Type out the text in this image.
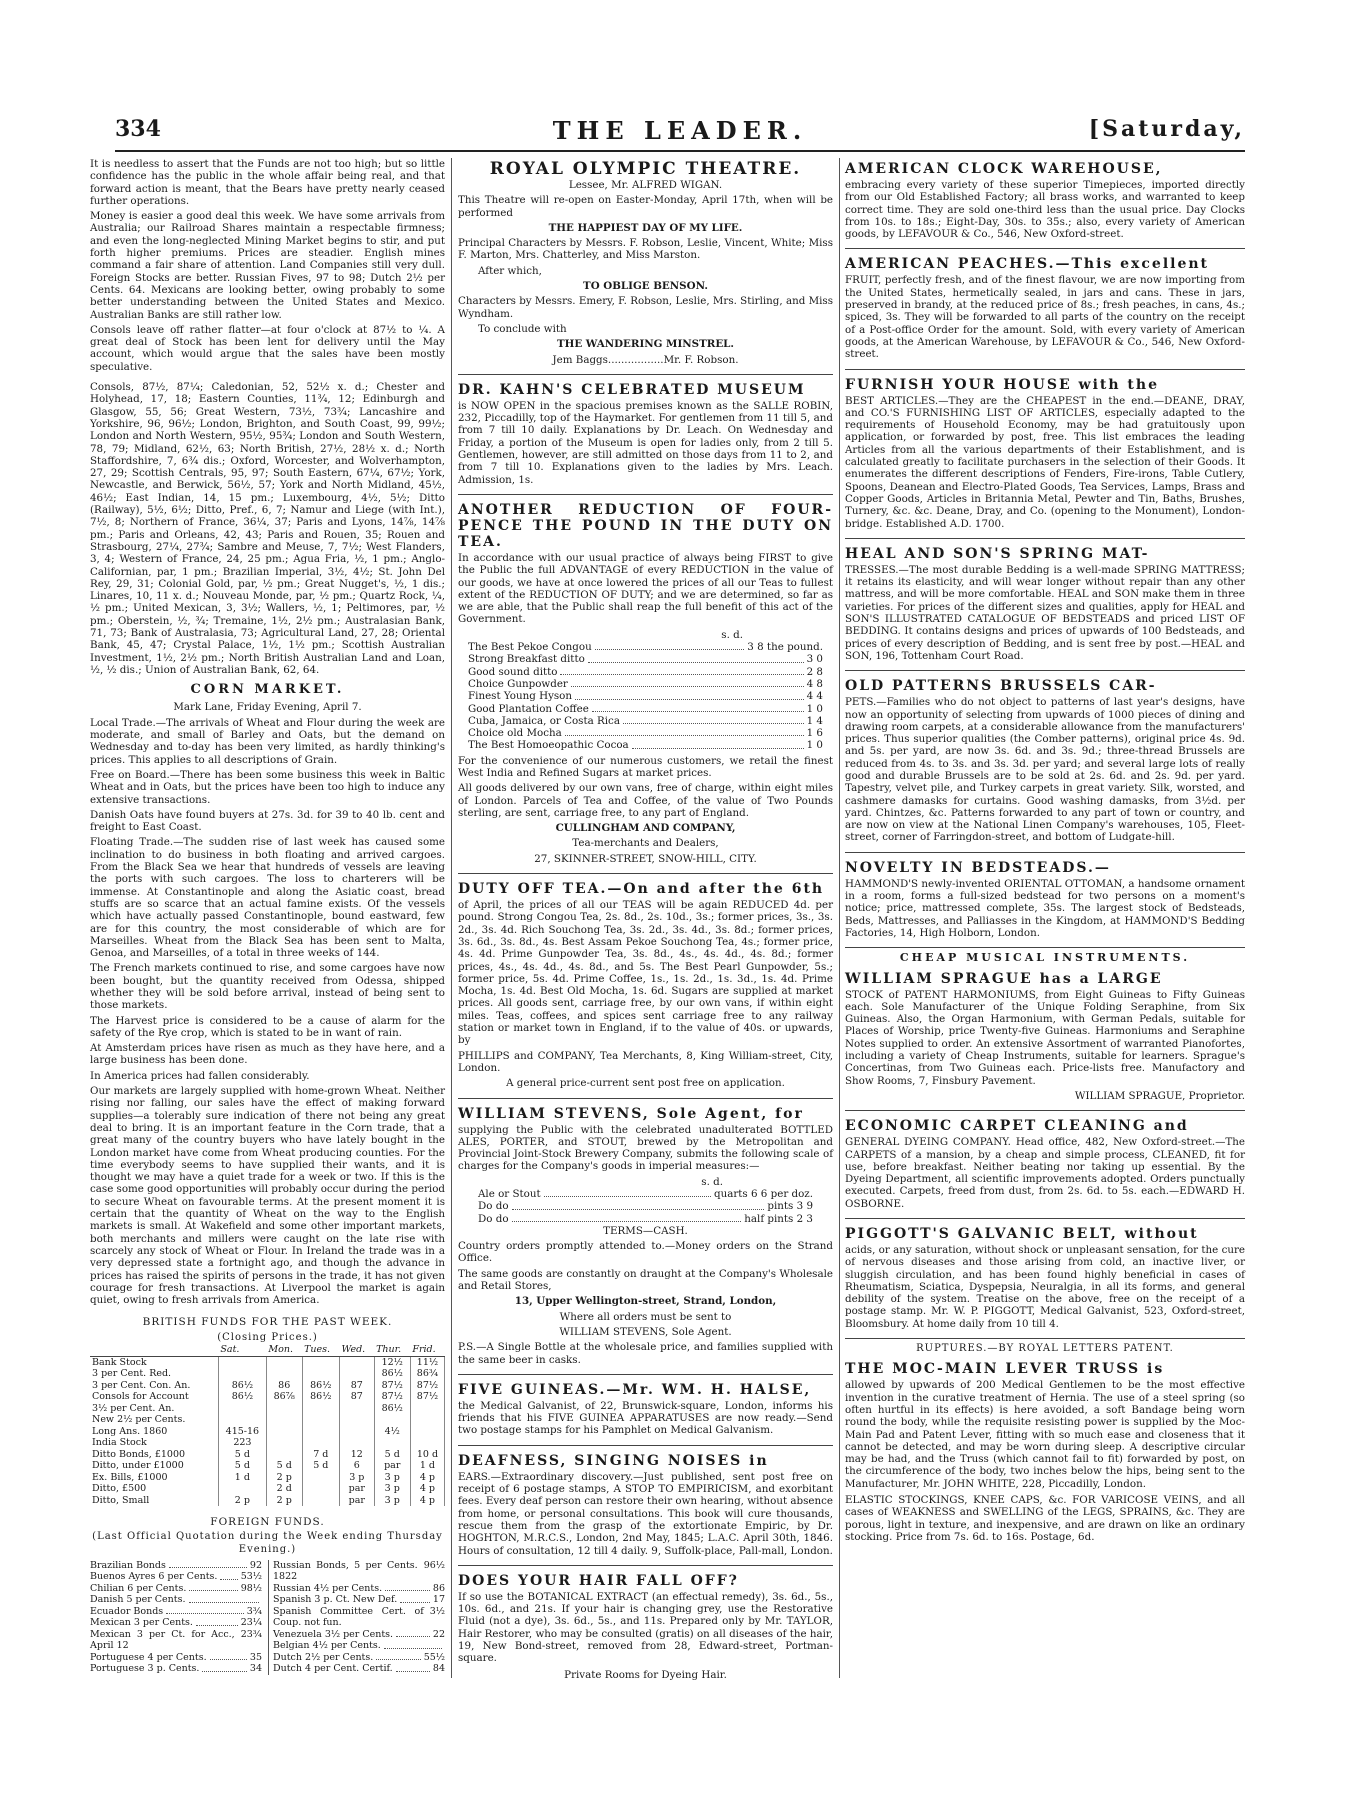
334	THE LEADER.	[Saturday,

It is needless to assert that the Funds are not too high; but so little confidence has the public in the whole affair being real, and that forward action is meant, that the Bears have pretty nearly ceased further operations.

Money is easier a good deal this week. We have some arrivals from Australia; our Railroad Shares maintain a respectable firmness; and even the long-neglected Mining Market begins to stir, and put forth higher premiums. Prices are steadier. English mines command a fair share of attention. Land Companies still very dull. Foreign Stocks are better. Russian Fives, 97 to 98; Dutch 2½ per Cents. 64. Mexicans are looking better, owing probably to some better understanding between the United States and Mexico. Australian Banks are still rather low.

Consols leave off rather flatter—at four o'clock at 87½ to ¼. A great deal of Stock has been lent for delivery until the May account, which would argue that the sales have been mostly speculative.

Consols, 87½, 87¼; Caledonian, 52, 52½ x. d.; Chester and Holyhead, 17, 18; Eastern Counties, 11¾, 12; Edinburgh and Glasgow, 55, 56; Great Western, 73½, 73¾; Lancashire and Yorkshire, 96, 96½; London, Brighton, and South Coast, 99, 99½; London and North Western, 95½, 95¾; London and South Western, 78, 79; Midland, 62½, 63; North British, 27½, 28½ x. d.; North Staffordshire, 7, 6¾ dis.; Oxford, Worcester, and Wolverhampton, 27, 29; Scottish Centrals, 95, 97; South Eastern, 67¼, 67½; York, Newcastle, and Berwick, 56½, 57; York and North Midland, 45½, 46½; East Indian, 14, 15 pm.; Luxembourg, 4½, 5½; Ditto (Railway), 5½, 6½; Ditto, Pref., 6, 7; Namur and Liege (with Int.), 7½, 8; Northern of France, 36¼, 37; Paris and Lyons, 14⅞, 14⅞ pm.; Paris and Orleans, 42, 43; Paris and Rouen, 35; Rouen and Strasbourg, 27¼, 27¾; Sambre and Meuse, 7, 7½; West Flanders, 3, 4; Western of France, 24, 25 pm.; Agua Fria, ½, 1 pm.; Anglo-Californian, par, 1 pm.; Brazilian Imperial, 3½, 4½; St. John Del Rey, 29, 31; Colonial Gold, par, ½ pm.; Great Nugget's, ½, 1 dis.; Linares, 10, 11 x. d.; Nouveau Monde, par, ½ pm.; Quartz Rock, ¼, ½ pm.; United Mexican, 3, 3½; Wallers, ½, 1; Peltimores, par, ½ pm.; Oberstein, ½, ¾; Tremaine, 1½, 2½ pm.; Australasian Bank, 71, 73; Bank of Australasia, 73; Agricultural Land, 27, 28; Oriental Bank, 45, 47; Crystal Palace, 1½, 1½ pm.; Scottish Australian Investment, 1½, 2½ pm.; North British Australian Land and Loan, ½, ½ dis.; Union of Australian Bank, 62, 64.

CORN MARKET.

Mark Lane, Friday Evening, April 7.

Local Trade.—The arrivals of Wheat and Flour during the week are moderate, and small of Barley and Oats, but the demand on Wednesday and to-day has been very limited, as hardly thinking's prices. This applies to all descriptions of Grain.

Free on Board.—There has been some business this week in Baltic Wheat and in Oats, but the prices have been too high to induce any extensive transactions.

Danish Oats have found buyers at 27s. 3d. for 39 to 40 lb. cent and freight to East Coast.

Floating Trade.—The sudden rise of last week has caused some inclination to do business in both floating and arrived cargoes. From the Black Sea we hear that hundreds of vessels are leaving the ports with such cargoes. The loss to charterers will be immense. At Constantinople and along the Asiatic coast, bread stuffs are so scarce that an actual famine exists. Of the vessels which have actually passed Constantinople, bound eastward, few are for this country, the most considerable of which are for Marseilles. Wheat from the Black Sea has been sent to Malta, Genoa, and Marseilles, of a total in three weeks of 144.

The French markets continued to rise, and some cargoes have now been bought, but the quantity received from Odessa, shipped whether they will be sold before arrival, instead of being sent to those markets.

The Harvest price is considered to be a cause of alarm for the safety of the Rye crop, which is stated to be in want of rain.

At Amsterdam prices have risen as much as they have here, and a large business has been done.

In America prices had fallen considerably.

Our markets are largely supplied with home-grown Wheat. Neither rising nor falling, our sales have the effect of making forward supplies—a tolerably sure indication of there not being any great deal to bring. It is an important feature in the Corn trade, that a great many of the country buyers who have lately bought in the London market have come from Wheat producing counties. For the time everybody seems to have supplied their wants, and it is thought we may have a quiet trade for a week or two. If this is the case some good opportunities will probably occur during the period to secure Wheat on favourable terms. At the present moment it is certain that the quantity of Wheat on the way to the English markets is small. At Wakefield and some other important markets, both merchants and millers were caught on the late rise with scarcely any stock of Wheat or Flour. In Ireland the trade was in a very depressed state a fortnight ago, and though the advance in prices has raised the spirits of persons in the trade, it has not given courage for fresh transactions. At Liverpool the market is again quiet, owing to fresh arrivals from America.

BRITISH FUNDS FOR THE PAST WEEK.
(Closing Prices.)
	Sat.	Mon.	Tues.	Wed.	Thur.	Frid.
Bank Stock					12½	11½
3 per Cent. Red.					86½	86¾
3 per Cent. Con. An.	86½	86	86½	87	87½	87½
Consols for Account	86½	86⅞	86½	87	87½	87½
3½ per Cent. An.					86½	
New 2½ per Cents.						
Long Ans. 1860	415-16				4½	
India Stock	223					
Ditto Bonds, £1000	5 d		7 d	12	5 d	10 d
Ditto, under £1000	5 d	5 d	5 d	6	par	1 d
Ex. Bills, £1000	1 d	2 p		3 p	3 p	4 p
Ditto, £500		2 d		par	3 p	4 p
Ditto, Small	2 p	2 p		par	3 p	4 p
FOREIGN FUNDS.
(Last Official Quotation during the Week ending Thursday Evening.)
Brazilian Bonds	92
Buenos Ayres 6 per Cents. 53½
Chilian 6 per Cents.	98½
Danish 5 per Cents.
Ecuador Bonds	3¾
Mexican 3 per Cents.	23¼
Mexican 3 per Ct. for Acc., April 12
23¾
Portuguese 4 per Cents.	35
Portuguese 3 p. Cents.	34
Russian Bonds, 5 per Cents. 1822
96½
Russian 4½ per Cents.	86
Spanish 3 p. Ct. New Def.	17
Spanish Committee Cert. of Coup. not fun.
3½
Venezuela 3½ per Cents.	22
Belgian 4½ per Cents.
Dutch 2½ per Cents.	55½
Dutch 4 per Cent. Certif.	84
ROYAL OLYMPIC THEATRE.

Lessee, Mr. ALFRED WIGAN.

This Theatre will re-open on Easter-Monday, April 17th, when will be performed

THE HAPPIEST DAY OF MY LIFE.

Principal Characters by Messrs. F. Robson, Leslie, Vincent, White; Miss F. Marton, Mrs. Chatterley, and Miss Marston.

After which,

TO OBLIGE BENSON.

Characters by Messrs. Emery, F. Robson, Leslie, Mrs. Stirling, and Miss Wyndham.

To conclude with

THE WANDERING MINSTREL.

Jem Baggs.................Mr. F. Robson.

DR. KAHN'S CELEBRATED MUSEUM

is NOW OPEN in the spacious premises known as the SALLE ROBIN, 232, Piccadilly, top of the Haymarket. For gentlemen from 11 till 5, and from 7 till 10 daily. Explanations by Dr. Leach. On Wednesday and Friday, a portion of the Museum is open for ladies only, from 2 till 5. Gentlemen, however, are still admitted on those days from 11 to 2, and from 7 till 10. Explanations given to the ladies by Mrs. Leach. Admission, 1s.

ANOTHER REDUCTION OF FOUR-PENCE THE POUND IN THE DUTY ON TEA.

In accordance with our usual practice of always being FIRST to give the Public the full ADVANTAGE of every REDUCTION in the value of our goods, we have at once lowered the prices of all our Teas to fullest extent of the REDUCTION OF DUTY; and we are determined, so far as we are able, that the Public shall reap the full benefit of this act of the Government.

s. d.
The Best Pekoe Congou	3 8 the pound.
Strong Breakfast ditto	3 0
Good sound ditto	2 8
Choice Gunpowder	4 8
Finest Young Hyson	4 4
Good Plantation Coffee	1 0
Cuba, Jamaica, or Costa Rica	1 4
Choice old Mocha	1 6
The Best Homoeopathic Cocoa	1 0

For the convenience of our numerous customers, we retail the finest West India and Refined Sugars at market prices.

All goods delivered by our own vans, free of charge, within eight miles of London. Parcels of Tea and Coffee, of the value of Two Pounds sterling, are sent, carriage free, to any part of England.

CULLINGHAM AND COMPANY,

Tea-merchants and Dealers,

27, SKINNER-STREET, SNOW-HILL, CITY.

DUTY OFF TEA.—On and after the 6th

of April, the prices of all our TEAS will be again REDUCED 4d. per pound. Strong Congou Tea, 2s. 8d., 2s. 10d., 3s.; former prices, 3s., 3s. 2d., 3s. 4d. Rich Souchong Tea, 3s. 2d., 3s. 4d., 3s. 8d.; former prices, 3s. 6d., 3s. 8d., 4s. Best Assam Pekoe Souchong Tea, 4s.; former price, 4s. 4d. Prime Gunpowder Tea, 3s. 8d., 4s., 4s. 4d., 4s. 8d.; former prices, 4s., 4s. 4d., 4s. 8d., and 5s. The Best Pearl Gunpowder, 5s.; former price, 5s. 4d. Prime Coffee, 1s., 1s. 2d., 1s. 3d., 1s. 4d. Prime Mocha, 1s. 4d. Best Old Mocha, 1s. 6d. Sugars are supplied at market prices. All goods sent, carriage free, by our own vans, if within eight miles. Teas, coffees, and spices sent carriage free to any railway station or market town in England, if to the value of 40s. or upwards, by

PHILLIPS and COMPANY, Tea Merchants, 8, King William-street, City, London.

A general price-current sent post free on application.

WILLIAM STEVENS, Sole Agent, for

supplying the Public with the celebrated unadulterated BOTTLED ALES, PORTER, and STOUT, brewed by the Metropolitan and Provincial Joint-Stock Brewery Company, submits the following scale of charges for the Company's goods in imperial measures:—

s. d.
Ale or Stout	quarts 6 6 per doz.
Do do	pints 3 9
Do do	half pints 2 3

TERMS—CASH.

Country orders promptly attended to.—Money orders on the Strand Office.

The same goods are constantly on draught at the Company's Wholesale and Retail Stores,

13, Upper Wellington-street, Strand, London,

Where all orders must be sent to

WILLIAM STEVENS, Sole Agent.

P.S.—A Single Bottle at the wholesale price, and families supplied with the same beer in casks.

FIVE GUINEAS.—Mr. WM. H. HALSE,

the Medical Galvanist, of 22, Brunswick-square, London, informs his friends that his FIVE GUINEA APPARATUSES are now ready.—Send two postage stamps for his Pamphlet on Medical Galvanism.

DEAFNESS, SINGING NOISES in

EARS.—Extraordinary discovery.—Just published, sent post free on receipt of 6 postage stamps, A STOP TO EMPIRICISM, and exorbitant fees. Every deaf person can restore their own hearing, without absence from home, or personal consultations. This book will cure thousands, rescue them from the grasp of the extortionate Empiric, by Dr. HOGHTON, M.R.C.S., London, 2nd May, 1845; L.A.C. April 30th, 1846. Hours of consultation, 12 till 4 daily. 9, Suffolk-place, Pall-mall, London.

DOES YOUR HAIR FALL OFF?

If so use the BOTANICAL EXTRACT (an effectual remedy), 3s. 6d., 5s., 10s. 6d., and 21s. If your hair is changing grey, use the Restorative Fluid (not a dye), 3s. 6d., 5s., and 11s. Prepared only by Mr. TAYLOR, Hair Restorer, who may be consulted (gratis) on all diseases of the hair, 19, New Bond-street, removed from 28, Edward-street, Portman-square.

Private Rooms for Dyeing Hair.

AMERICAN CLOCK WAREHOUSE,

embracing every variety of these superior Timepieces, imported directly from our Old Established Factory; all brass works, and warranted to keep correct time. They are sold one-third less than the usual price. Day Clocks from 10s. to 18s.; Eight-Day, 30s. to 35s.; also, every variety of American goods, by LEFAVOUR & Co., 546, New Oxford-street.

AMERICAN PEACHES.—This excellent

FRUIT, perfectly fresh, and of the finest flavour, we are now importing from the United States, hermetically sealed, in jars and cans. These in jars, preserved in brandy, at the reduced price of 8s.; fresh peaches, in cans, 4s.; spiced, 3s. They will be forwarded to all parts of the country on the receipt of a Post-office Order for the amount. Sold, with every variety of American goods, at the American Warehouse, by LEFAVOUR & Co., 546, New Oxford-street.

FURNISH YOUR HOUSE with the

BEST ARTICLES.—They are the CHEAPEST in the end.—DEANE, DRAY, and CO.'S FURNISHING LIST OF ARTICLES, especially adapted to the requirements of Household Economy, may be had gratuitously upon application, or forwarded by post, free. This list embraces the leading Articles from all the various departments of their Establishment, and is calculated greatly to facilitate purchasers in the selection of their Goods. It enumerates the different descriptions of Fenders, Fire-irons, Table Cutlery, Spoons, Deanean and Electro-Plated Goods, Tea Services, Lamps, Brass and Copper Goods, Articles in Britannia Metal, Pewter and Tin, Baths, Brushes, Turnery, &c. &c. Deane, Dray, and Co. (opening to the Monument), London-bridge. Established A.D. 1700.

HEAL AND SON'S SPRING MAT-

TRESSES.—The most durable Bedding is a well-made SPRING MATTRESS; it retains its elasticity, and will wear longer without repair than any other mattress, and will be more comfortable. HEAL and SON make them in three varieties. For prices of the different sizes and qualities, apply for HEAL and SON'S ILLUSTRATED CATALOGUE OF BEDSTEADS and priced LIST OF BEDDING. It contains designs and prices of upwards of 100 Bedsteads, and prices of every description of Bedding, and is sent free by post.—HEAL and SON, 196, Tottenham Court Road.

OLD PATTERNS BRUSSELS CAR-

PETS.—Families who do not object to patterns of last year's designs, have now an opportunity of selecting from upwards of 1000 pieces of dining and drawing room carpets, at a considerable allowance from the manufacturers' prices. Thus superior qualities (the Comber patterns), original price 4s. 9d. and 5s. per yard, are now 3s. 6d. and 3s. 9d.; three-thread Brussels are reduced from 4s. to 3s. and 3s. 3d. per yard; and several large lots of really good and durable Brussels are to be sold at 2s. 6d. and 2s. 9d. per yard. Tapestry, velvet pile, and Turkey carpets in great variety. Silk, worsted, and cashmere damasks for curtains. Good washing damasks, from 3½d. per yard. Chintzes, &c. Patterns forwarded to any part of town or country, and are now on view at the National Linen Company's warehouses, 105, Fleet-street, corner of Farringdon-street, and bottom of Ludgate-hill.

NOVELTY IN BEDSTEADS.—

HAMMOND'S newly-invented ORIENTAL OTTOMAN, a handsome ornament in a room, forms a full-sized bedstead for two persons on a moment's notice; price, mattressed complete, 35s. The largest stock of Bedsteads, Beds, Mattresses, and Palliasses in the Kingdom, at HAMMOND'S Bedding Factories, 14, High Holborn, London.

CHEAP MUSICAL INSTRUMENTS.
WILLIAM SPRAGUE has a LARGE

STOCK of PATENT HARMONIUMS, from Eight Guineas to Fifty Guineas each. Sole Manufacturer of the Unique Folding Seraphine, from Six Guineas. Also, the Organ Harmonium, with German Pedals, suitable for Places of Worship, price Twenty-five Guineas. Harmoniums and Seraphine Notes supplied to order. An extensive Assortment of warranted Pianofortes, including a variety of Cheap Instruments, suitable for learners. Sprague's Concertinas, from Two Guineas each. Price-lists free. Manufactory and Show Rooms, 7, Finsbury Pavement.

WILLIAM SPRAGUE, Proprietor.

ECONOMIC CARPET CLEANING and

GENERAL DYEING COMPANY. Head office, 482, New Oxford-street.—The CARPETS of a mansion, by a cheap and simple process, CLEANED, fit for use, before breakfast. Neither beating nor taking up essential. By the Dyeing Department, all scientific improvements adopted. Orders punctually executed. Carpets, freed from dust, from 2s. 6d. to 5s. each.—EDWARD H. OSBORNE.

PIGGOTT'S GALVANIC BELT, without

acids, or any saturation, without shock or unpleasant sensation, for the cure of nervous diseases and those arising from cold, an inactive liver, or sluggish circulation, and has been found highly beneficial in cases of Rheumatism, Sciatica, Dyspepsia, Neuralgia, in all its forms, and general debility of the system. Treatise on the above, free on the receipt of a postage stamp. Mr. W. P. PIGGOTT, Medical Galvanist, 523, Oxford-street, Bloomsbury. At home daily from 10 till 4.

RUPTURES.—BY ROYAL LETTERS PATENT.
THE MOC-MAIN LEVER TRUSS is

allowed by upwards of 200 Medical Gentlemen to be the most effective invention in the curative treatment of Hernia. The use of a steel spring (so often hurtful in its effects) is here avoided, a soft Bandage being worn round the body, while the requisite resisting power is supplied by the Moc-Main Pad and Patent Lever, fitting with so much ease and closeness that it cannot be detected, and may be worn during sleep. A descriptive circular may be had, and the Truss (which cannot fail to fit) forwarded by post, on the circumference of the body, two inches below the hips, being sent to the Manufacturer, Mr. JOHN WHITE, 228, Piccadilly, London.

ELASTIC STOCKINGS, KNEE CAPS, &c. FOR VARICOSE VEINS, and all cases of WEAKNESS and SWELLING of the LEGS, SPRAINS, &c. They are porous, light in texture, and inexpensive, and are drawn on like an ordinary stocking. Price from 7s. 6d. to 16s. Postage, 6d.
